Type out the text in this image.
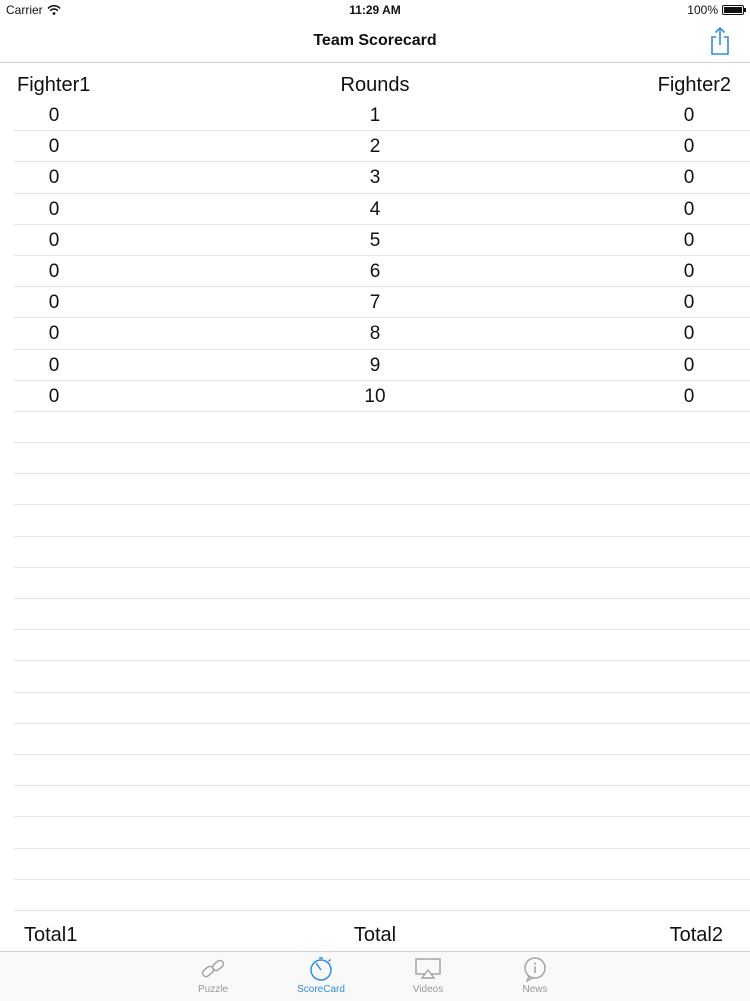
Carrier	11:29 AM	100%
Team Scorecard
Fighter1	Rounds	Fighter2
0	1	0
0	2	0
0	3	0
0	4	0
0	5	0
0	6	0
0	7	0
0	8	0
0	9	0
0	10	0
Total1	Total	Total2
Puzzle	ScoreCard	Videos	News
